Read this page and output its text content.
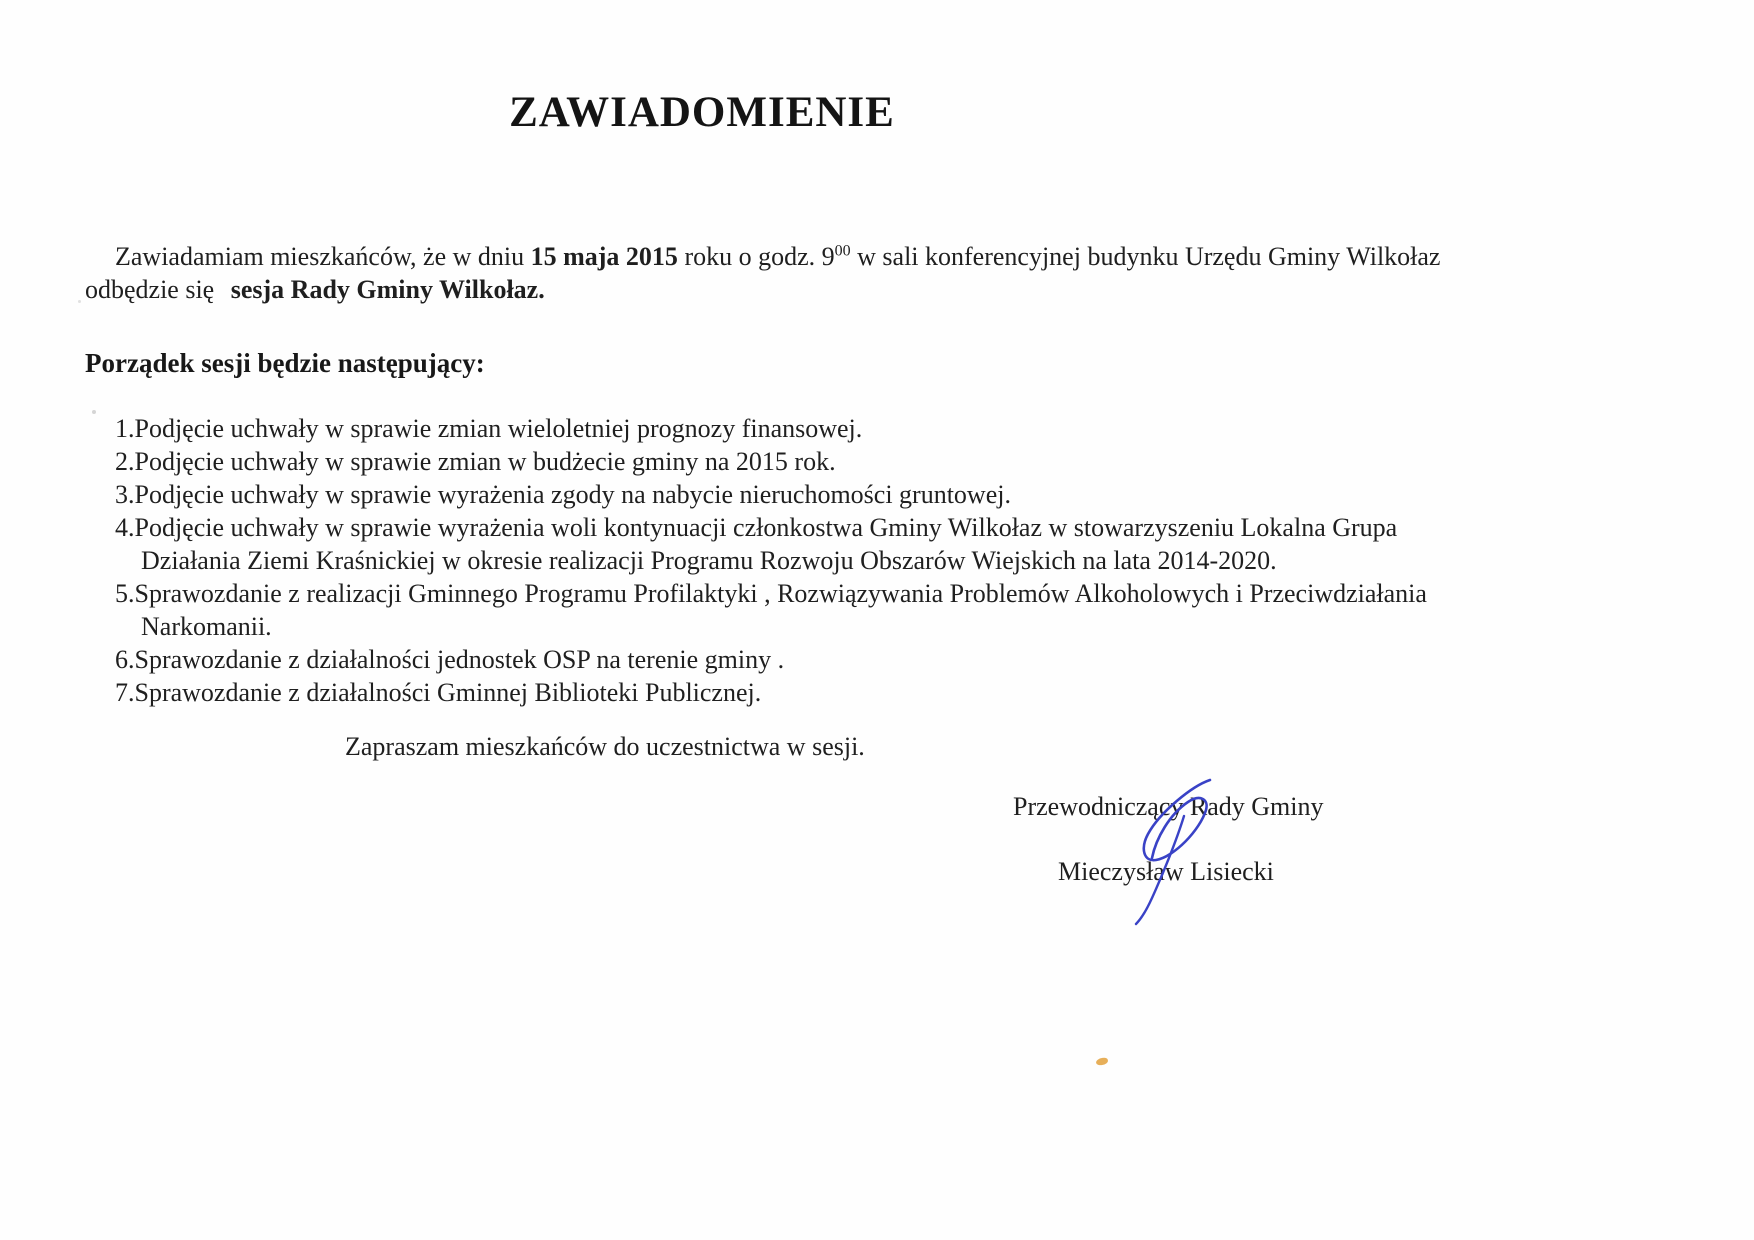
ZAWIADOMIENIE
Zawiadamiam mieszkańców, że w dniu 15 maja 2015 roku o godz. $9^{00}$ w sali konferencyjnej budynku Urzędu Gminy Wilkołaz
odbędzie się sesja Rady Gminy Wilkołaz.
Porządek sesji będzie następujący:
1.Podjęcie uchwały w sprawie zmian wieloletniej prognozy finansowej.
2.Podjęcie uchwały w sprawie zmian w budżecie gminy na 2015 rok.
3.Podjęcie uchwały w sprawie wyrażenia zgody na nabycie nieruchomości gruntowej.
4.Podjęcie uchwały w sprawie wyrażenia woli kontynuacji członkostwa Gminy Wilkołaz w stowarzyszeniu Lokalna Grupa Działania Ziemi Kraśnickiej w okresie realizacji Programu Rozwoju Obszarów Wiejskich na lata 2014-2020.
5.Sprawozdanie z realizacji Gminnego Programu Profilaktyki , Rozwiązywania Problemów Alkoholowych i Przeciwdziałania Narkomanii.
6.Sprawozdanie z działalności jednostek OSP na terenie gminy .
7.Sprawozdanie z działalności Gminnej Biblioteki Publicznej.
Zapraszam mieszkańców do uczestnictwa w sesji.
Przewodniczący Rady Gminy
Mieczysław Lisiecki
